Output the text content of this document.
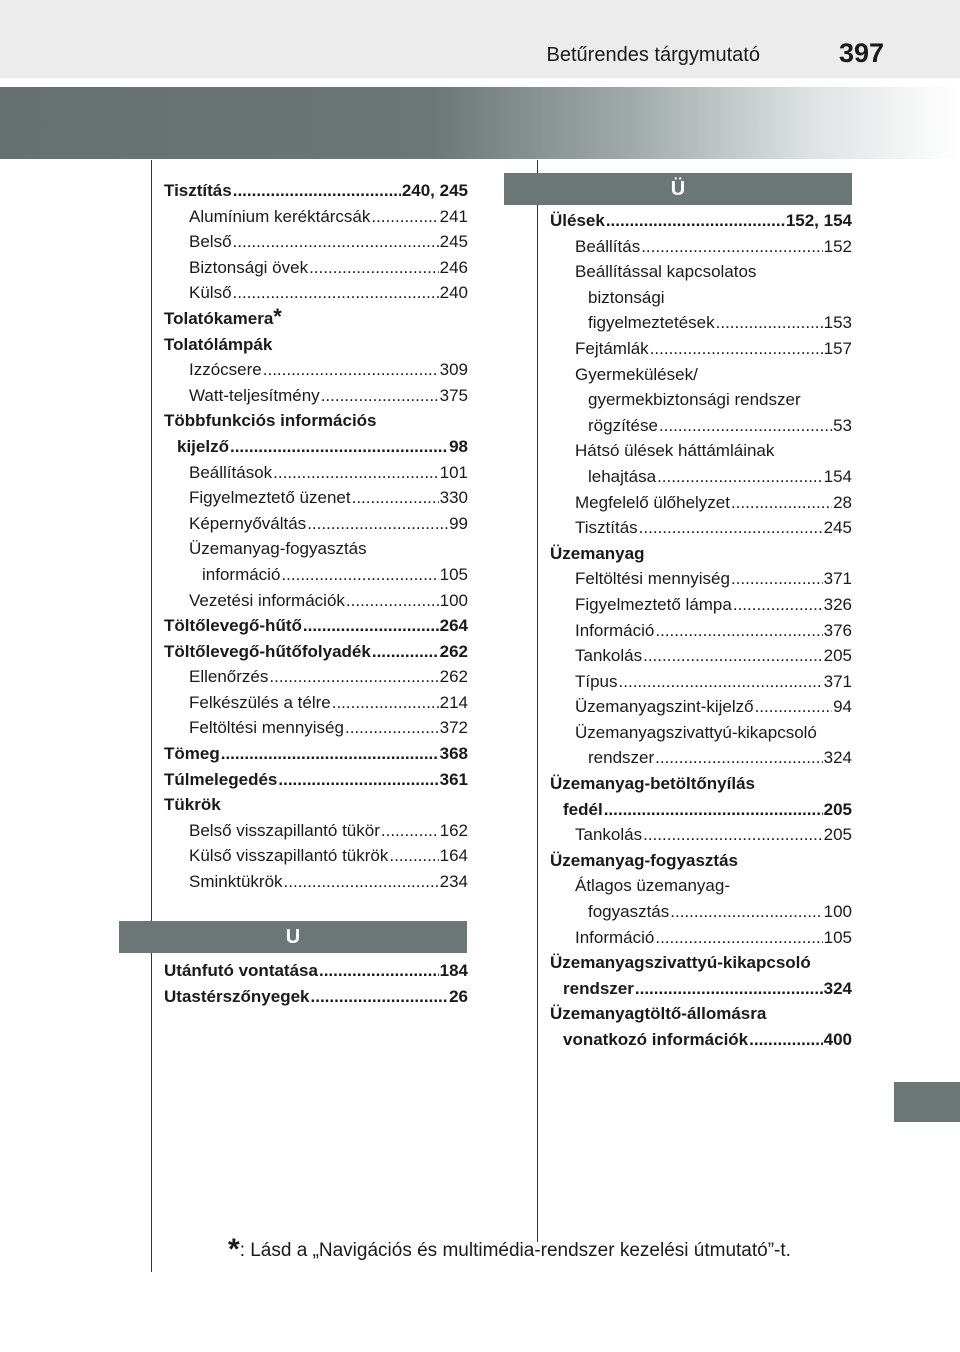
Betűrendes tárgymutató	397
Ü
U
Tisztítás .....	240, 245
Alumínium keréktárcsák .....	241
Belső .....	245
Biztonsági övek .....	246
Külső .....	240
Tolatókamera *
Tolatólámpák
Izzócsere .....	309
Watt-teljesítmény .....	375
Többfunkciós információs
kijelző .....	98
Beállítások .....	101
Figyelmeztető üzenet .....	330
Képernyőváltás .....	99
Üzemanyag-fogyasztás
információ .....	105
Vezetési információk .....	100
Töltőlevegő-hűtő .....	264
Töltőlevegő-hűtőfolyadék .....	262
Ellenőrzés .....	262
Felkészülés a télre .....	214
Feltöltési mennyiség .....	372
Tömeg .....	368
Túlmelegedés .....	361
Tükrök
Belső visszapillantó tükör .....	162
Külső visszapillantó tükrök .....	164
Sminktükrök .....	234
Utánfutó vontatása .....	184
Utastérszőnyegek .....	26
Ülések .....	152, 154
Beállítás .....	152
Beállítással kapcsolatos
biztonsági
figyelmeztetések .....	153
Fejtámlák .....	157
Gyermekülések/
gyermekbiztonsági rendszer
rögzítése .....	53
Hátsó ülések háttámláinak
lehajtása .....	154
Megfelelő ülőhelyzet .....	28
Tisztítás .....	245
Üzemanyag
Feltöltési mennyiség .....	371
Figyelmeztető lámpa .....	326
Információ .....	376
Tankolás .....	205
Típus .....	371
Üzemanyagszint-kijelző .....	94
Üzemanyagszivattyú-kikapcsoló
rendszer .....	324
Üzemanyag-betöltőnyílás
fedél .....	205
Tankolás .....	205
Üzemanyag-fogyasztás
Átlagos üzemanyag-
fogyasztás .....	100
Információ .....	105
Üzemanyagszivattyú-kikapcsoló
rendszer .....	324
Üzemanyagtöltő-állomásra
vonatkozó információk .....	400
*: Lásd a „Navigációs és multimédia-rendszer kezelési útmutató”-t.
